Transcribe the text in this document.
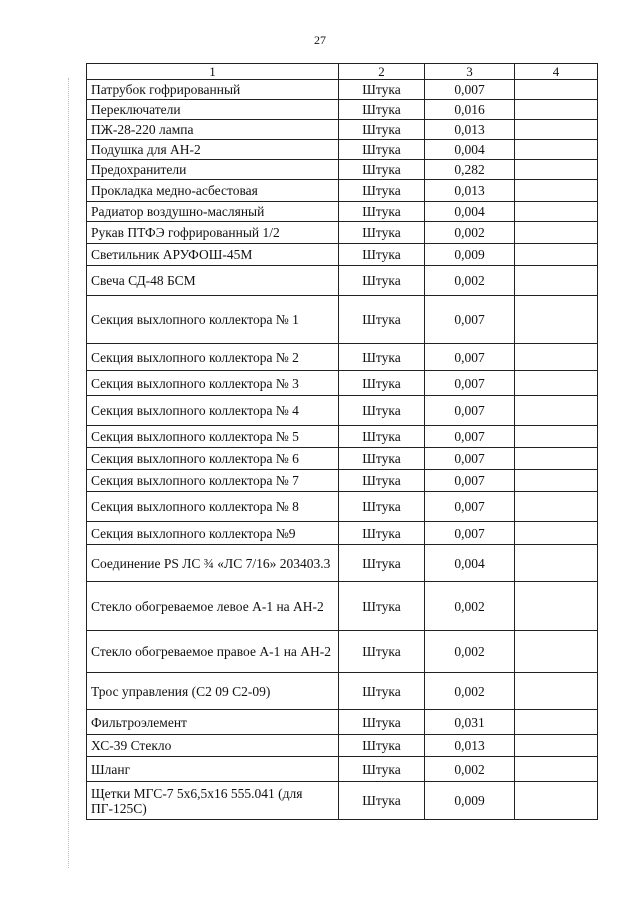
27
1	2	3	4
Патрубок гофрированный	Штука	0,007	
Переключатели	Штука	0,016	
ПЖ-28-220 лампа	Штука	0,013	
Подушка для АН-2	Штука	0,004	
Предохранители	Штука	0,282	
Прокладка медно-асбестовая	Штука	0,013	
Радиатор воздушно-масляный	Штука	0,004	
Рукав ПТФЭ гофрированный 1/2	Штука	0,002	
Светильник АРУФОШ-45М	Штука	0,009	
Свеча СД-48 БСМ	Штука	0,002	
Секция выхлопного коллектора № 1	Штука	0,007	
Секция выхлопного коллектора № 2	Штука	0,007	
Секция выхлопного коллектора № 3	Штука	0,007	
Секция выхлопного коллектора № 4	Штука	0,007	
Секция выхлопного коллектора № 5	Штука	0,007	
Секция выхлопного коллектора № 6	Штука	0,007	
Секция выхлопного коллектора № 7	Штука	0,007	
Секция выхлопного коллектора № 8	Штука	0,007	
Секция выхлопного коллектора №9	Штука	0,007	
Соединение PS ЛС ¾ «ЛС 7/16» 203403.3	Штука	0,004	
Стекло обогреваемое левое А-1 на АН-2	Штука	0,002	
Стекло обогреваемое правое А-1 на АН-2	Штука	0,002	
Трос управления (С2 09 С2-09)	Штука	0,002	
Фильтроэлемент	Штука	0,031	
ХС-39 Стекло	Штука	0,013	
Шланг	Штука	0,002	
Щетки МГС-7 5х6,5х16 555.041 (для ПГ-125С)	Штука	0,009	
